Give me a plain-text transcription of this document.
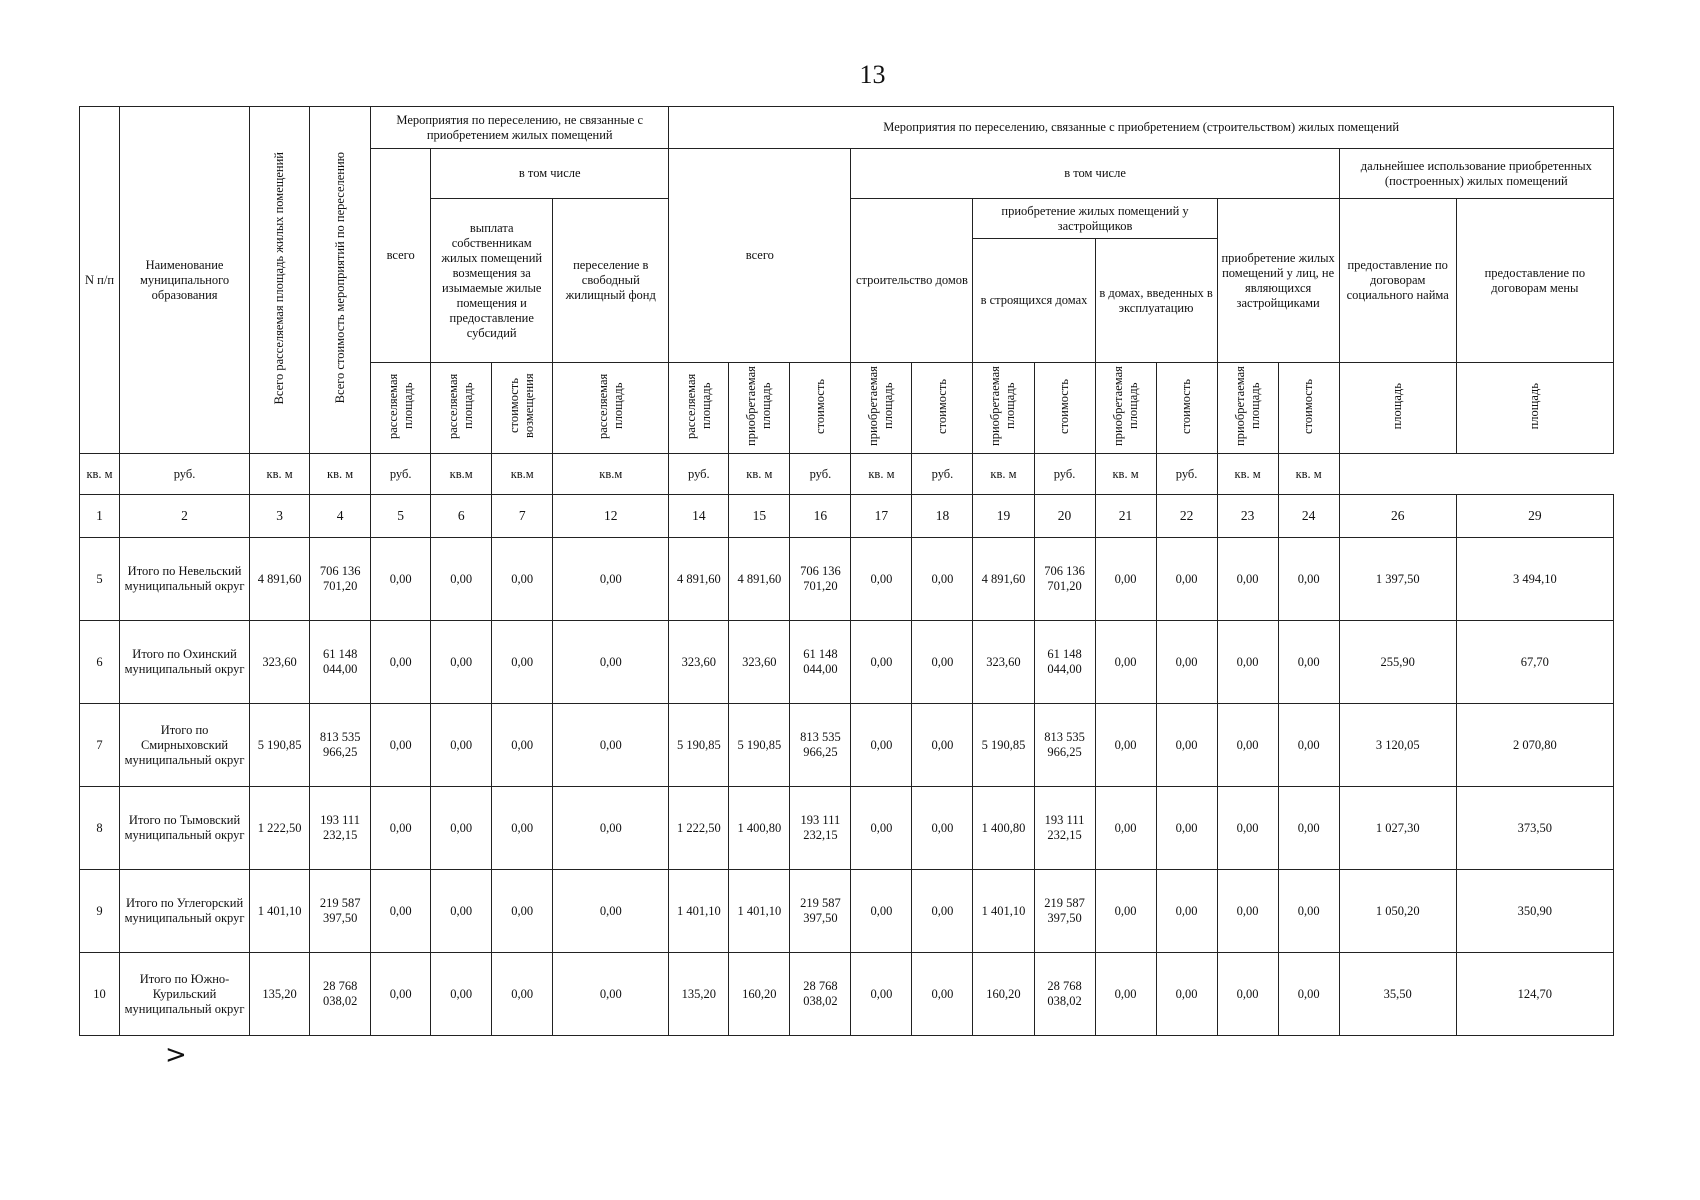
13
N п/п	Наименование муниципального образования	Всего расселяемая площадь жилых помещений	Всего стоимость мероприятий по переселению	Мероприятия по переселению, не связанные с приобретением жилых помещений				Мероприятия по переселению, связанные с приобретением (строительством) жилых помещений												
				всего	в том числе			всего			в том числе								дальнейшее использование приобретенных (построенных) жилых помещений	
					выплата собственникам жилых помещений возмещения за изымаемые жилые помещения и предоставление субсидий		переселение в свободный жилищный фонд				строительство домов		приобретение жилых помещений у застройщиков				приобретение жилых помещений у лиц, не являющихся застройщиками		предоставление по договорам социального найма	предоставление по договорам мены
													в строящихся домах		в домах, введенных в эксплуатацию					
				расселяемая площадь	расселяемая площадь	стоимость возмещения	расселяемая площадь	расселяемая площадь	приобретаемая площадь	стоимость	приобретаемая площадь	стоимость	приобретаемая площадь	стоимость	приобретаемая площадь	стоимость	приобретаемая площадь	стоимость	площадь	площадь
кв. м	руб.	кв. м	кв. м	руб.	кв.м	кв.м	кв.м	руб.	кв. м	руб.	кв. м	руб.	кв. м	руб.	кв. м	руб.	кв. м	кв. м		
1	2	3	4	5	6	7	12	14	15	16	17	18	19	20	21	22	23	24	26	29
5	Итого по Невельский муниципальный округ	4 891,60	706 136 701,20	0,00	0,00	0,00	0,00	4 891,60	4 891,60	706 136 701,20	0,00	0,00	4 891,60	706 136 701,20	0,00	0,00	0,00	0,00	1 397,50	3 494,10
6	Итого по Охинский муниципальный округ	323,60	61 148 044,00	0,00	0,00	0,00	0,00	323,60	323,60	61 148 044,00	0,00	0,00	323,60	61 148 044,00	0,00	0,00	0,00	0,00	255,90	67,70
7	Итого по Смирныховский муниципальный округ	5 190,85	813 535 966,25	0,00	0,00	0,00	0,00	5 190,85	5 190,85	813 535 966,25	0,00	0,00	5 190,85	813 535 966,25	0,00	0,00	0,00	0,00	3 120,05	2 070,80
8	Итого по Тымовский муниципальный округ	1 222,50	193 111 232,15	0,00	0,00	0,00	0,00	1 222,50	1 400,80	193 111 232,15	0,00	0,00	1 400,80	193 111 232,15	0,00	0,00	0,00	0,00	1 027,30	373,50
9	Итого по Углегорский муниципальный округ	1 401,10	219 587 397,50	0,00	0,00	0,00	0,00	1 401,10	1 401,10	219 587 397,50	0,00	0,00	1 401,10	219 587 397,50	0,00	0,00	0,00	0,00	1 050,20	350,90
10	Итого по Южно-Курильский муниципальный округ	135,20	28 768 038,02	0,00	0,00	0,00	0,00	135,20	160,20	28 768 038,02	0,00	0,00	160,20	28 768 038,02	0,00	0,00	0,00	0,00	35,50	124,70
>
